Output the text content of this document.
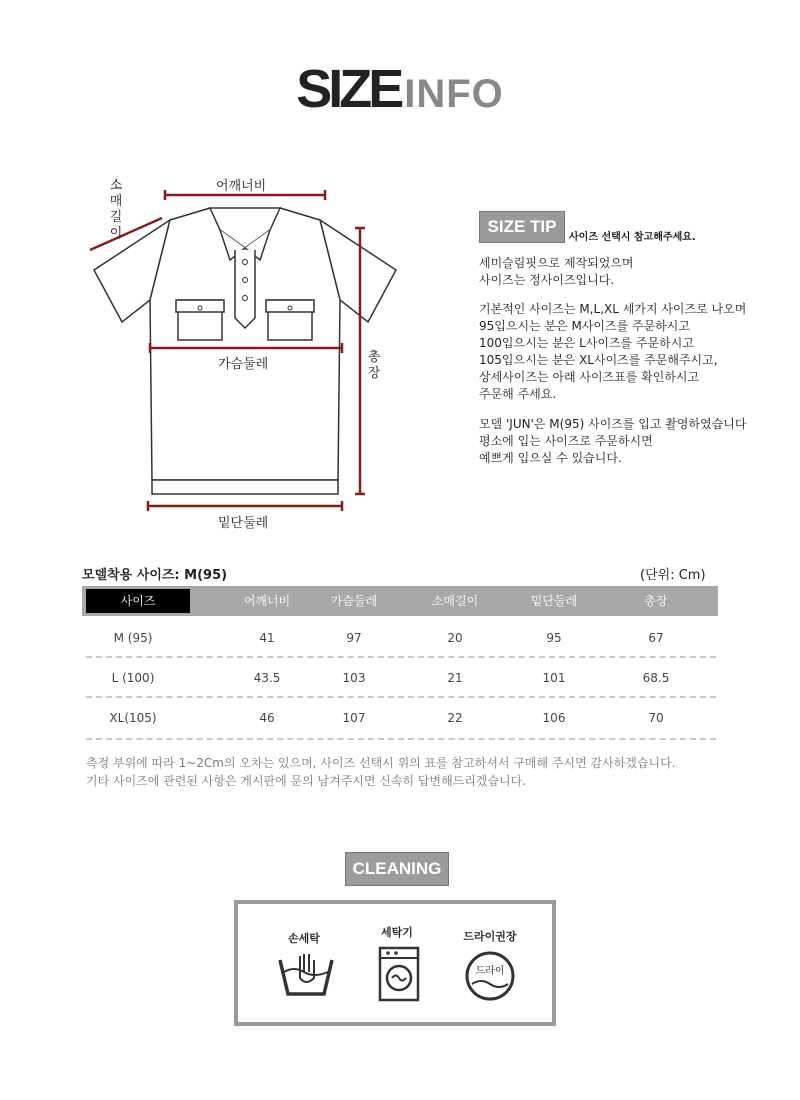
SIZE INFO
어깨너비
소
매
길
이
가슴둘레	총
장
밑단둘레
SIZE TIP
사이즈 선택시 참고해주세요.
세미슬림핏으로 제작되었으며
사이즈는 정사이즈입니다.
기본적인 사이즈는 M,L,XL 세가지 사이즈로 나오며
95입으시는 분은 M사이즈를 주문하시고
100입으시는 분은 L사이즈를 주문하시고
105입으시는 분은 XL사이즈를 주문해주시고,
상세사이즈는 아래 사이즈표를 확인하시고
주문해 주세요.
모델 'JUN'은 M(95) 사이즈를 입고 촬영하였습니다
평소에 입는 사이즈로 주문하시면
예쁘게 입으실 수 있습니다.
모델착용 사이즈: M(95)	(단위: Cm)
사이즈	어깨너비	가슴둘레	소매길이	밑단둘레	총장
M (95)	41	97	20	95	67
L (100)	43.5	103	21	101	68.5
XL(105)	46	107	22	106	70
측정 부위에 따라 1~2Cm의 오차는 있으며, 사이즈 선택시 위의 표를 참고하셔서 구매해 주시면 감사하겠습니다.
기타 사이즈에 관련된 사항은 게시판에 문의 남겨주시면 신속히 답변해드리겠습니다.
CLEANING
손세탁	세탁기	드라이권장
드라이
